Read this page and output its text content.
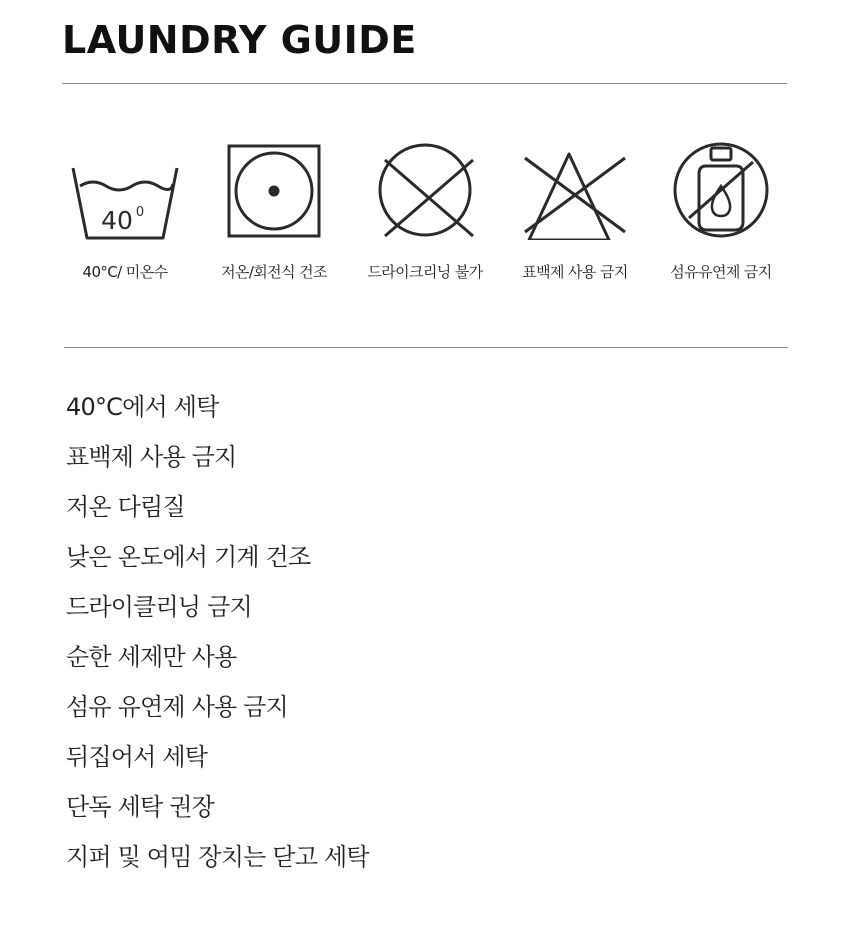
LAUNDRY GUIDE
40 0
40°C/ 미온수	저온/회전식 건조	드라이크리닝 불가	표백제 사용 금지	섬유유연제 금지
40°C에서 세탁
표백제 사용 금지
저온 다림질
낮은 온도에서 기계 건조
드라이클리닝 금지
순한 세제만 사용
섬유 유연제 사용 금지
뒤집어서 세탁
단독 세탁 권장
지퍼 및 여밈 장치는 닫고 세탁
